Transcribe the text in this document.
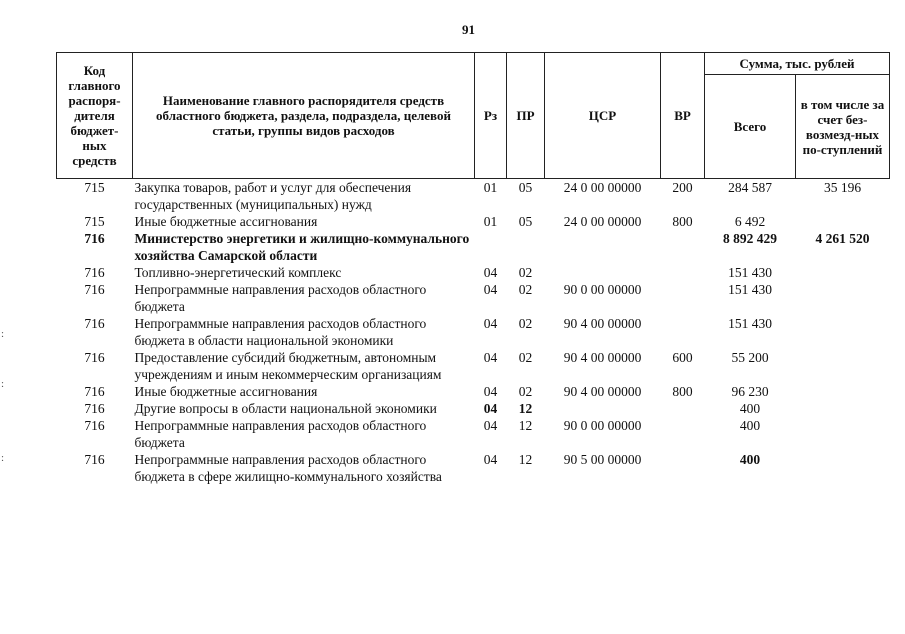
91
:
:
:
Код главного распоря-дителя бюджет-ных средств	Наименование главного распорядителя средств областного бюджета, раздела, подраздела, целевой статьи, группы видов расходов	Рз	ПР	ЦСР	ВР	Сумма, тыс. рублей	
						Всего	в том числе за счет без-возмезд-ных по-ступлений
715	Закупка товаров, работ и услуг для обеспечения государственных (муниципальных) нужд	01	05	24 0 00 00000	200	284 587	35 196
715	Иные бюджетные ассигнования	01	05	24 0 00 00000	800	6 492	
716	Министерство энергетики и жилищно-коммунального хозяйства Самарской области					8 892 429	4 261 520
716	Топливно-энергетический комплекс	04	02			151 430	
716	Непрограммные направления расходов областного бюджета	04	02	90 0 00 00000		151 430	
716	Непрограммные направления расходов областного бюджета в области национальной экономики	04	02	90 4 00 00000		151 430	
716	Предоставление субсидий бюджетным, автономным учреждениям и иным некоммерческим организациям	04	02	90 4 00 00000	600	55 200	
716	Иные бюджетные ассигнования	04	02	90 4 00 00000	800	96 230	
716	Другие вопросы в области национальной экономики	04	12			400	
716	Непрограммные направления расходов областного бюджета	04	12	90 0 00 00000		400	
716	Непрограммные направления расходов областного бюджета в сфере жилищно-коммунального хозяйства	04	12	90 5 00 00000		400	
